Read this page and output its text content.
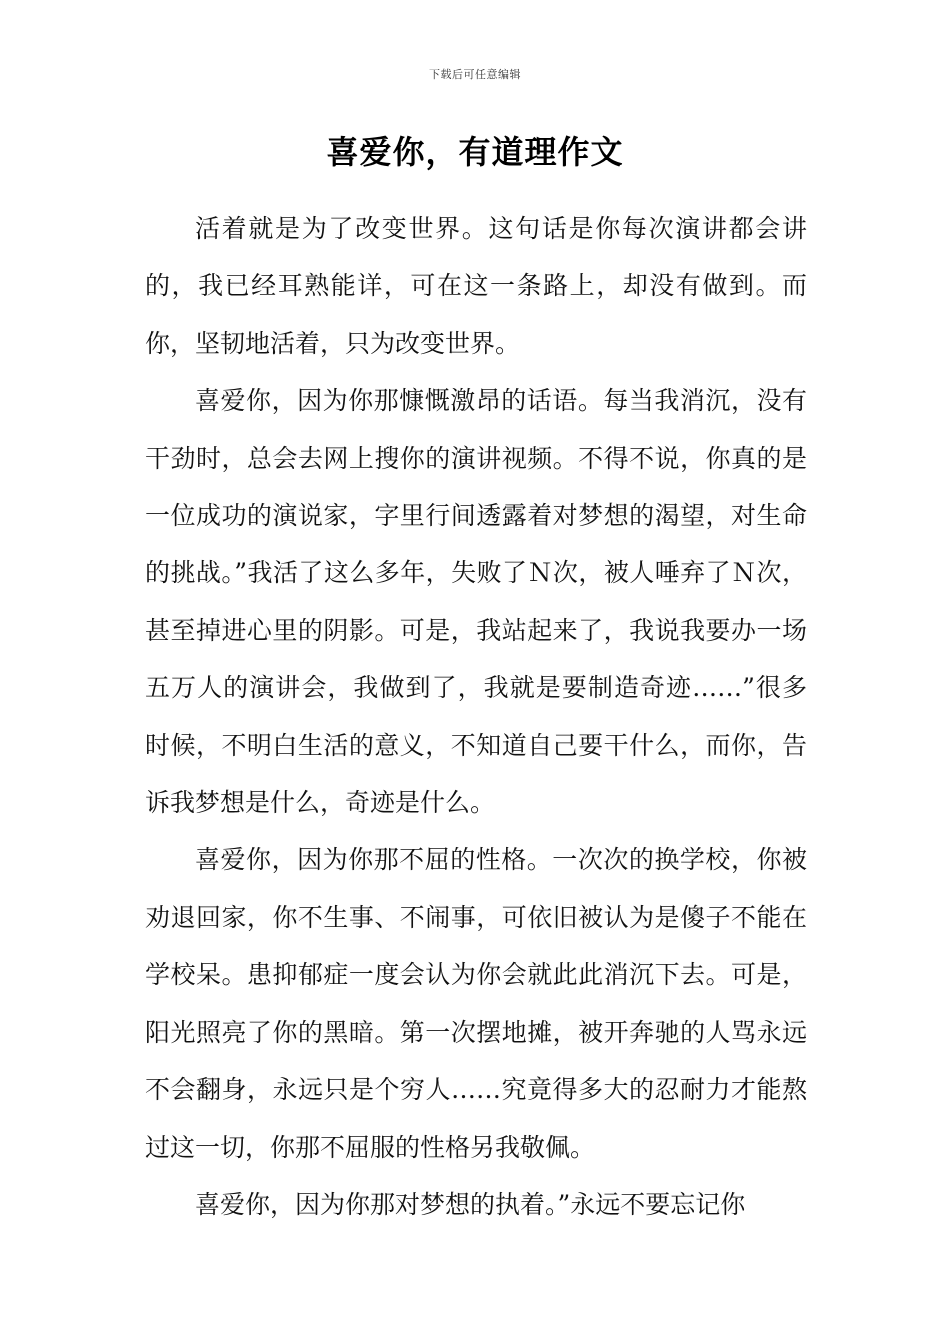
下载后可任意编辑
喜爱你，有道理作文

活着就是为了改变世界。这句话是你每次演讲都会讲的，我已经耳熟能详，可在这一条路上，却没有做到。而你，坚韧地活着，只为改变世界。

喜爱你，因为你那慷慨激昂的话语。每当我消沉，没有干劲时，总会去网上搜你的演讲视频。不得不说，你真的是一位成功的演说家，字里行间透露着对梦想的渴望，对生命的挑战。”我活了这么多年，失败了Ｎ次，被人唾弃了Ｎ次，甚至掉进心里的阴影。可是，我站起来了，我说我要办一场五万人的演讲会，我做到了，我就是要制造奇迹……”很多时候，不明白生活的意义，不知道自己要干什么，而你，告诉我梦想是什么，奇迹是什么。

喜爱你，因为你那不屈的性格。一次次的换学校，你被劝退回家，你不生事、不闹事，可依旧被认为是傻子不能在学校呆。患抑郁症一度会认为你会就此此消沉下去。可是，阳光照亮了你的黑暗。第一次摆地摊，被开奔驰的人骂永远不会翻身，永远只是个穷人……究竟得多大的忍耐力才能熬过这一切，你那不屈服的性格另我敬佩。

喜爱你，因为你那对梦想的执着。”永远不要忘记你
